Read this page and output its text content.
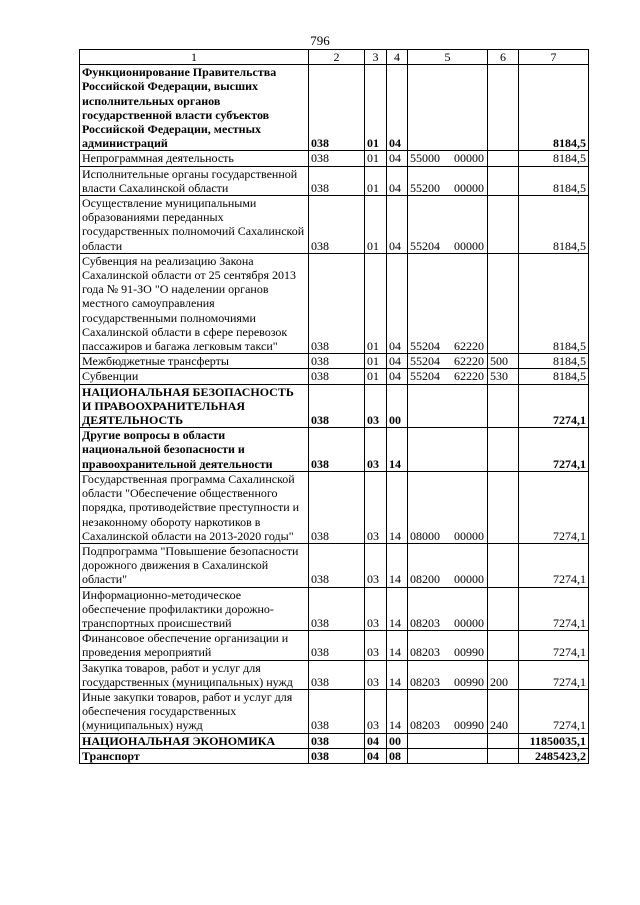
796
1	2	3	4	5	6	7
Функционирование Правительства Российской Федерации, высших исполнительных органов государственной власти субъектов Российской Федерации, местных администраций	038	01	04			8184,5
Непрограммная деятельность	038	01	04	55000 00000		8184,5
Исполнительные органы государственной власти Сахалинской области	038	01	04	55200 00000		8184,5
Осуществление муниципальными образованиями переданных государственных полномочий Сахалинской области	038	01	04	55204 00000		8184,5
Субвенция на реализацию Закона Сахалинской области от 25 сентября 2013 года № 91-ЗО "О наделении органов местного самоуправления государственными полномочиями Сахалинской области в сфере перевозок пассажиров и багажа легковым такси"	038	01	04	55204 62220		8184,5
Межбюджетные трансферты	038	01	04	55204 62220	500	8184,5
Субвенции	038	01	04	55204 62220	530	8184,5
НАЦИОНАЛЬНАЯ БЕЗОПАСНОСТЬ И ПРАВООХРАНИТЕЛЬНАЯ ДЕЯТЕЛЬНОСТЬ	038	03	00			7274,1
Другие вопросы в области национальной безопасности и правоохранительной деятельности	038	03	14			7274,1
Государственная программа Сахалинской области "Обеспечение общественного порядка, противодействие преступности и незаконному обороту наркотиков в Сахалинской области на 2013-2020 годы"	038	03	14	08000 00000		7274,1
Подпрограмма "Повышение безопасности дорожного движения в Сахалинской области"	038	03	14	08200 00000		7274,1
Информационно-методическое обеспечение профилактики дорожно-транспортных происшествий	038	03	14	08203 00000		7274,1
Финансовое обеспечение организации и проведения мероприятий	038	03	14	08203 00990		7274,1
Закупка товаров, работ и услуг для государственных (муниципальных) нужд	038	03	14	08203 00990	200	7274,1
Иные закупки товаров, работ и услуг для обеспечения государственных (муниципальных) нужд	038	03	14	08203 00990	240	7274,1
НАЦИОНАЛЬНАЯ ЭКОНОМИКА	038	04	00			11850035,1
Транспорт	038	04	08			2485423,2
